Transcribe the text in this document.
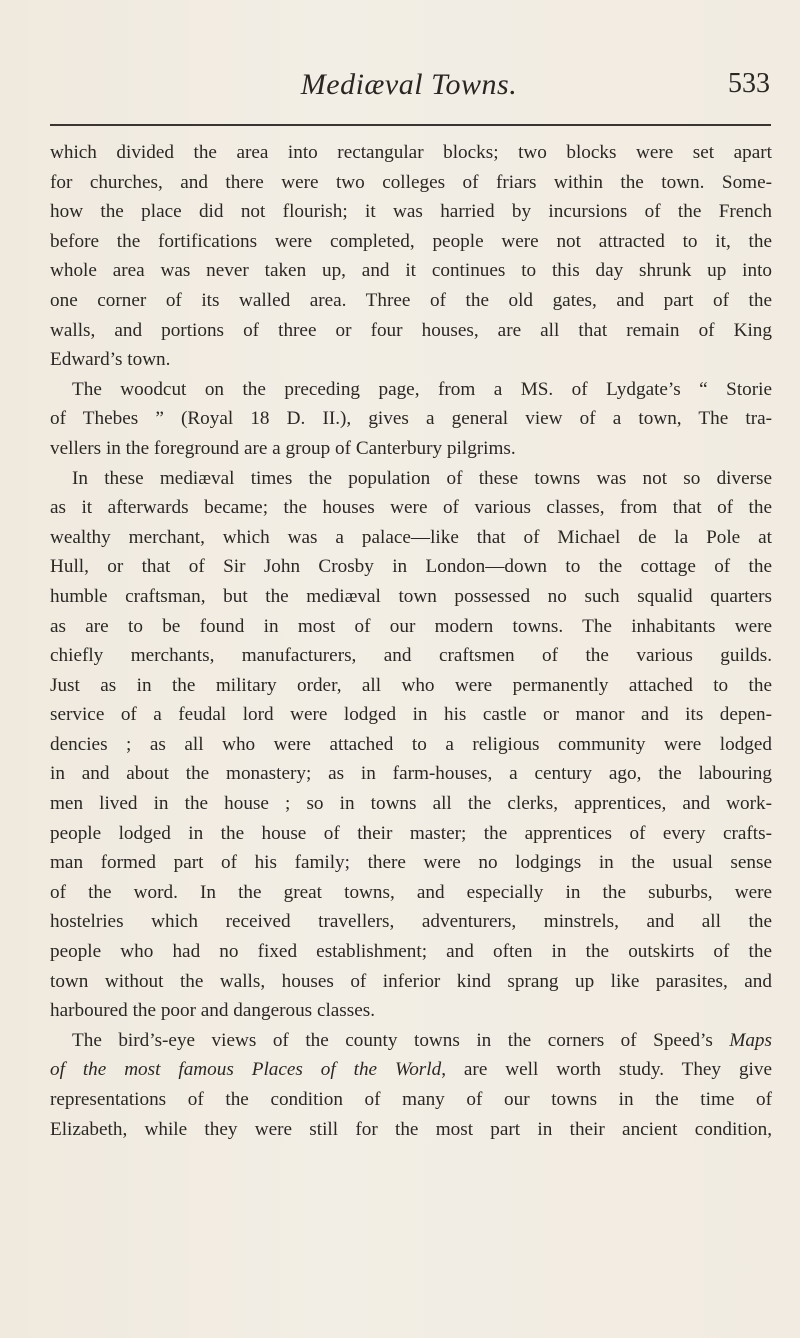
Mediæval Towns.	533

which divided the area into rectangular blocks; two blocks were set apart
for churches, and there were two colleges of friars within the town. Some-
how the place did not flourish; it was harried by incursions of the French
before the fortifications were completed, people were not attracted to it, the
whole area was never taken up, and it continues to this day shrunk up into
one corner of its walled area. Three of the old gates, and part of the
walls, and portions of three or four houses, are all that remain of King
Edward’s town.

The woodcut on the preceding page, from a MS. of Lydgate’s “ Storie
of Thebes ” (Royal 18 D. II.), gives a general view of a town, The tra-
vellers in the foreground are a group of Canterbury pilgrims.

In these mediæval times the population of these towns was not so diverse
as it afterwards became; the houses were of various classes, from that of the
wealthy merchant, which was a palace—like that of Michael de la Pole at
Hull, or that of Sir John Crosby in London—down to the cottage of the
humble craftsman, but the mediæval town possessed no such squalid quarters
as are to be found in most of our modern towns. The inhabitants were
chiefly merchants, manufacturers, and craftsmen of the various guilds.
Just as in the military order, all who were permanently attached to the
service of a feudal lord were lodged in his castle or manor and its depen-
dencies ; as all who were attached to a religious community were lodged
in and about the monastery; as in farm-houses, a century ago, the labouring
men lived in the house ; so in towns all the clerks, apprentices, and work-
people lodged in the house of their master; the apprentices of every crafts-
man formed part of his family; there were no lodgings in the usual sense
of the word. In the great towns, and especially in the suburbs, were
hostelries which received travellers, adventurers, minstrels, and all the
people who had no fixed establishment; and often in the outskirts of the
town without the walls, houses of inferior kind sprang up like parasites, and
harboured the poor and dangerous classes.

The bird’s-eye views of the county towns in the corners of Speed’s Maps
of the most famous Places of the World, are well worth study. They give
representations of the condition of many of our towns in the time of
Elizabeth, while they were still for the most part in their ancient condition,
